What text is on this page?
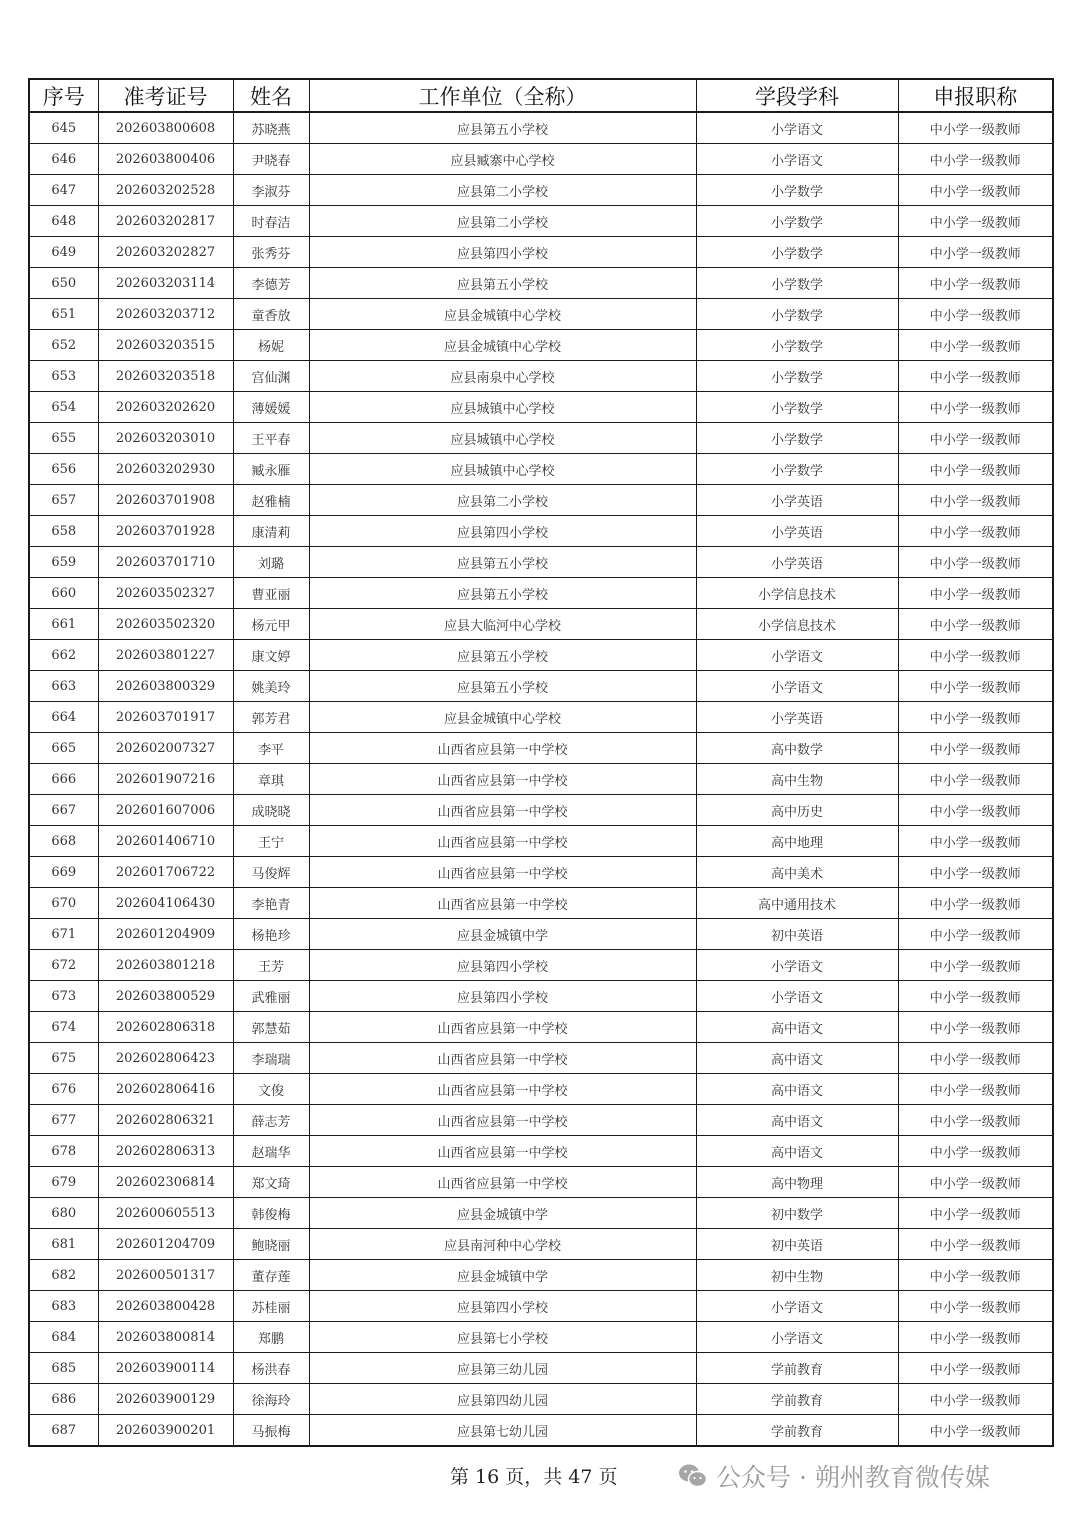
序号	准考证号	姓名	工作单位（全称）	学段学科	申报职称
645	202603800608	苏晓燕	应县第五小学校	小学语文	中小学一级教师
646	202603800406	尹晓春	应县臧寨中心学校	小学语文	中小学一级教师
647	202603202528	李淑芬	应县第二小学校	小学数学	中小学一级教师
648	202603202817	时春洁	应县第二小学校	小学数学	中小学一级教师
649	202603202827	张秀芬	应县第四小学校	小学数学	中小学一级教师
650	202603203114	李德芳	应县第五小学校	小学数学	中小学一级教师
651	202603203712	童香放	应县金城镇中心学校	小学数学	中小学一级教师
652	202603203515	杨妮	应县金城镇中心学校	小学数学	中小学一级教师
653	202603203518	宫仙渊	应县南泉中心学校	小学数学	中小学一级教师
654	202603202620	薄媛媛	应县城镇中心学校	小学数学	中小学一级教师
655	202603203010	王平春	应县城镇中心学校	小学数学	中小学一级教师
656	202603202930	臧永雁	应县城镇中心学校	小学数学	中小学一级教师
657	202603701908	赵雅楠	应县第二小学校	小学英语	中小学一级教师
658	202603701928	康清莉	应县第四小学校	小学英语	中小学一级教师
659	202603701710	刘璐	应县第五小学校	小学英语	中小学一级教师
660	202603502327	曹亚丽	应县第五小学校	小学信息技术	中小学一级教师
661	202603502320	杨元甲	应县大临河中心学校	小学信息技术	中小学一级教师
662	202603801227	康文婷	应县第五小学校	小学语文	中小学一级教师
663	202603800329	姚美玲	应县第五小学校	小学语文	中小学一级教师
664	202603701917	郭芳君	应县金城镇中心学校	小学英语	中小学一级教师
665	202602007327	李平	山西省应县第一中学校	高中数学	中小学一级教师
666	202601907216	章琪	山西省应县第一中学校	高中生物	中小学一级教师
667	202601607006	成晓晓	山西省应县第一中学校	高中历史	中小学一级教师
668	202601406710	王宁	山西省应县第一中学校	高中地理	中小学一级教师
669	202601706722	马俊辉	山西省应县第一中学校	高中美术	中小学一级教师
670	202604106430	李艳青	山西省应县第一中学校	高中通用技术	中小学一级教师
671	202601204909	杨艳珍	应县金城镇中学	初中英语	中小学一级教师
672	202603801218	王芳	应县第四小学校	小学语文	中小学一级教师
673	202603800529	武雅丽	应县第四小学校	小学语文	中小学一级教师
674	202602806318	郭慧茹	山西省应县第一中学校	高中语文	中小学一级教师
675	202602806423	李瑞瑞	山西省应县第一中学校	高中语文	中小学一级教师
676	202602806416	文俊	山西省应县第一中学校	高中语文	中小学一级教师
677	202602806321	薛志芳	山西省应县第一中学校	高中语文	中小学一级教师
678	202602806313	赵瑞华	山西省应县第一中学校	高中语文	中小学一级教师
679	202602306814	郑文琦	山西省应县第一中学校	高中物理	中小学一级教师
680	202600605513	韩俊梅	应县金城镇中学	初中数学	中小学一级教师
681	202601204709	鲍晓丽	应县南河种中心学校	初中英语	中小学一级教师
682	202600501317	董存莲	应县金城镇中学	初中生物	中小学一级教师
683	202603800428	苏桂丽	应县第四小学校	小学语文	中小学一级教师
684	202603800814	郑鹏	应县第七小学校	小学语文	中小学一级教师
685	202603900114	杨洪春	应县第三幼儿园	学前教育	中小学一级教师
686	202603900129	徐海玲	应县第四幼儿园	学前教育	中小学一级教师
687	202603900201	马振梅	应县第七幼儿园	学前教育	中小学一级教师
第 16 页，共 47 页	公众号 · 朔州教育微传媒
